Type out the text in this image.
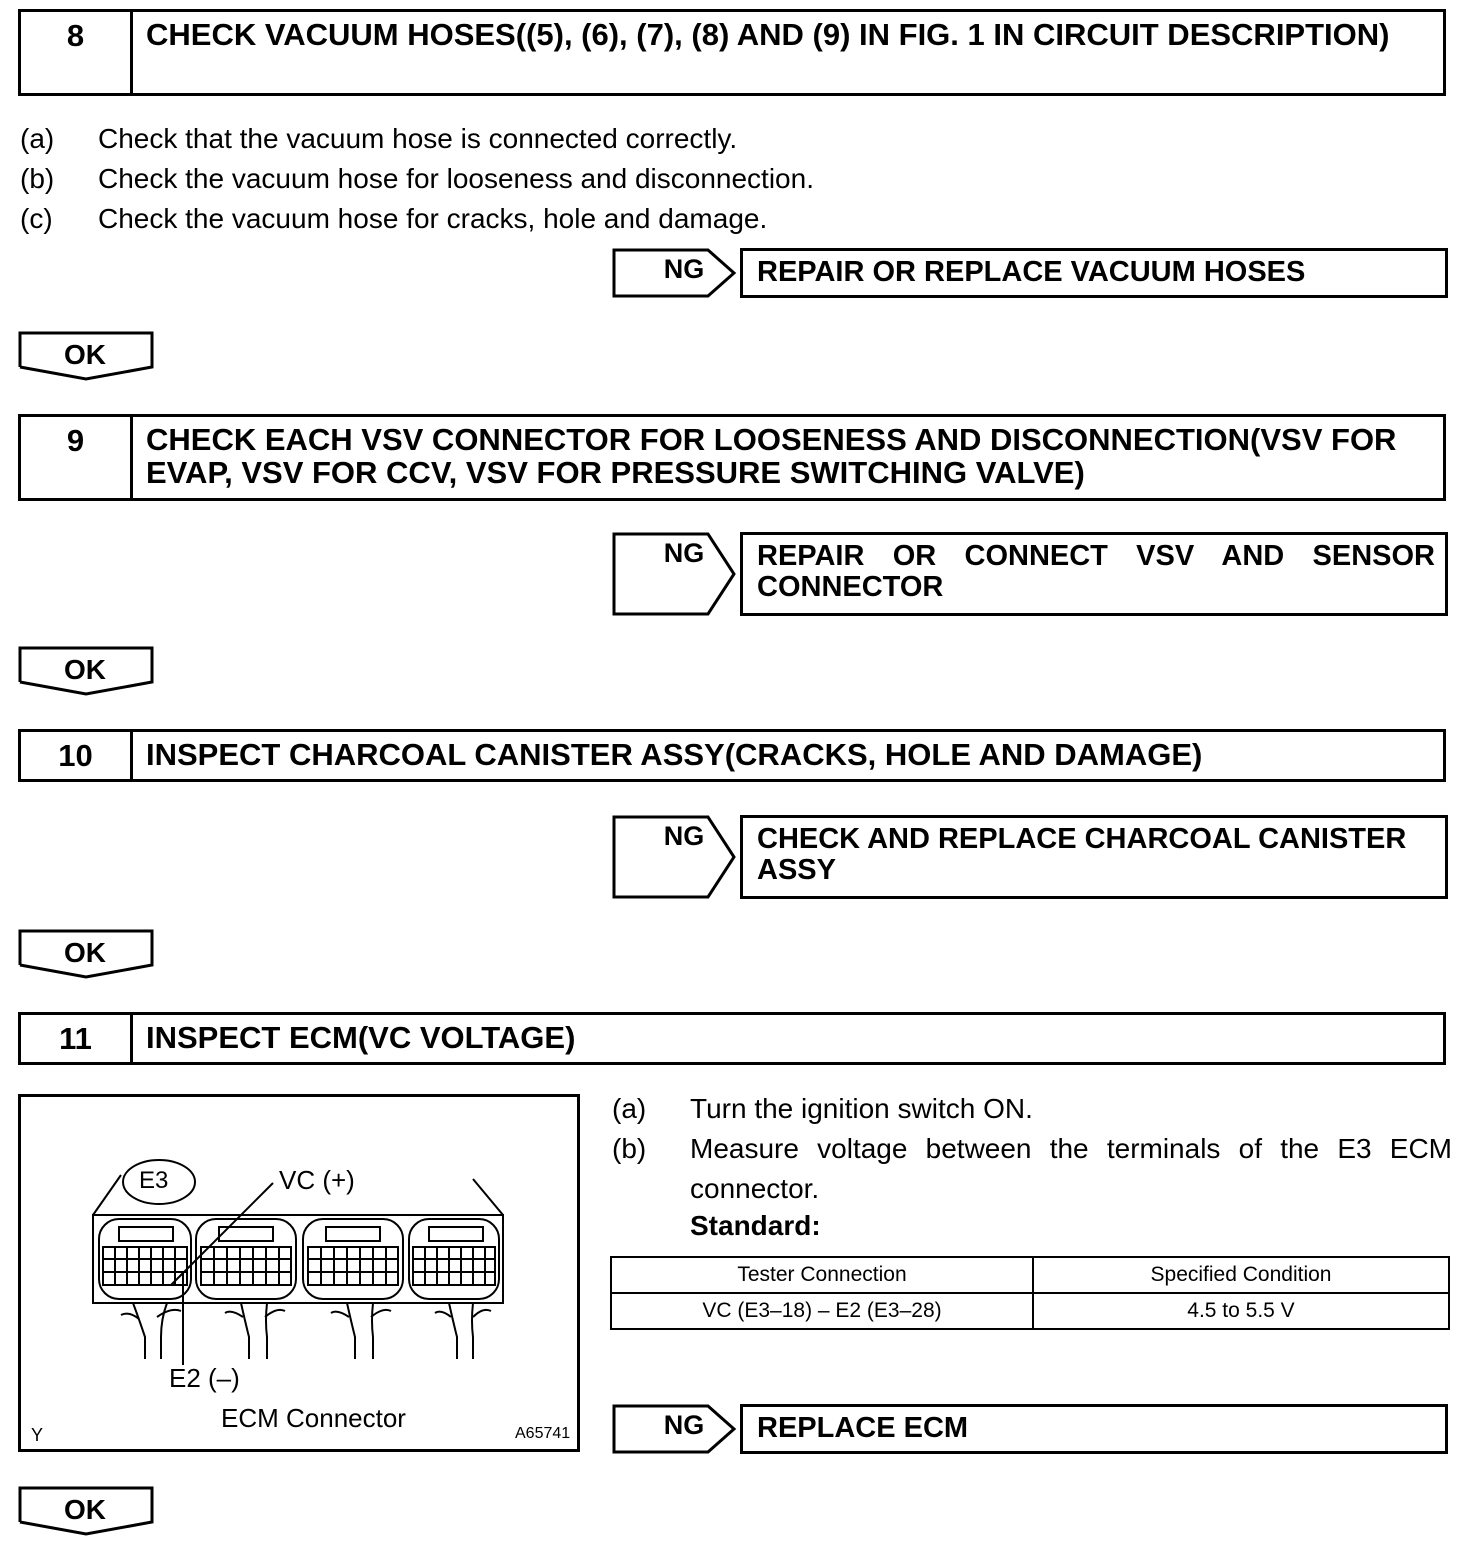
8	CHECK VACUUM HOSES((5), (6), (7), (8) AND (9) IN FIG. 1 IN CIRCUIT DESCRIPTION)
(a)	Check that the vacuum hose is connected correctly.
(b)	Check the vacuum hose for looseness and disconnection.
(c)	Check the vacuum hose for cracks, hole and damage.
NG	REPAIR OR REPLACE VACUUM HOSES
OK
9	CHECK EACH VSV CONNECTOR FOR LOOSENESS AND DISCONNECTION(VSV FOR EVAP, VSV FOR CCV, VSV FOR PRESSURE SWITCHING VALVE)
NG	REPAIR OR CONNECT VSV AND SENSOR
CONNECTOR
OK
10	INSPECT CHARCOAL CANISTER ASSY(CRACKS, HOLE AND DAMAGE)
NG	CHECK AND REPLACE CHARCOAL CANISTER
ASSY
OK
11	INSPECT ECM(VC VOLTAGE)
E3	VC (+)
E2 (–)
ECM Connector
Y	A65741
(a)	Turn the ignition switch ON.
(b)	Measure voltage between the terminals of the E3 ECM
connector.
Standard:
Tester Connection	Specified Condition
VC (E3–18) – E2 (E3–28)	4.5 to 5.5 V
NG	REPLACE ECM
OK
